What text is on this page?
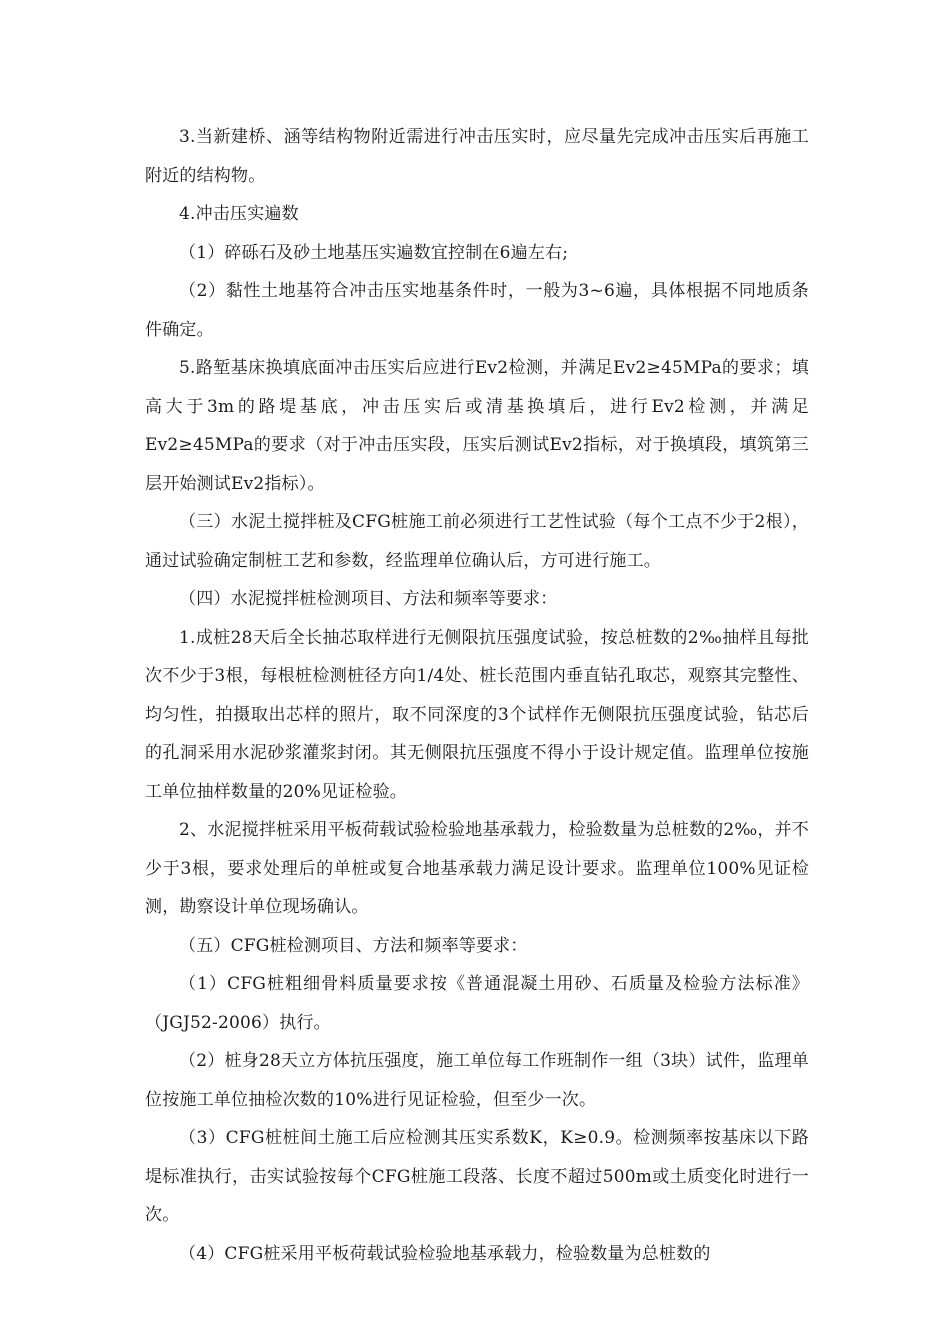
3.当新建桥、涵等结构物附近需进行冲击压实时，应尽量先完成冲击压实后再施工附近的结构物。

4.冲击压实遍数

（1）碎砾石及砂土地基压实遍数宜控制在6遍左右;

（2）黏性土地基符合冲击压实地基条件时，一般为3~6遍，具体根据不同地质条件确定。

5.路堑基床换填底面冲击压实后应进行Ev2检测，并满足Ev2≥45MPa的要求；填高大于3m的路堤基底，冲击压实后或清基换填后，进行Ev2检测，并满足Ev2≥45MPa的要求（对于冲击压实段，压实后测试Ev2指标，对于换填段，填筑第三层开始测试Ev2指标）。

（三）水泥土搅拌桩及CFG桩施工前必须进行工艺性试验（每个工点不少于2根），通过试验确定制桩工艺和参数，经监理单位确认后，方可进行施工。

（四）水泥搅拌桩检测项目、方法和频率等要求：

1.成桩28天后全长抽芯取样进行无侧限抗压强度试验，按总桩数的2‰抽样且每批次不少于3根，每根桩检测桩径方向1/4处、桩长范围内垂直钻孔取芯，观察其完整性、均匀性，拍摄取出芯样的照片，取不同深度的3个试样作无侧限抗压强度试验，钻芯后的孔洞采用水泥砂浆灌浆封闭。其无侧限抗压强度不得小于设计规定值。监理单位按施工单位抽样数量的20%见证检验。

2、水泥搅拌桩采用平板荷载试验检验地基承载力，检验数量为总桩数的2‰，并不少于3根，要求处理后的单桩或复合地基承载力满足设计要求。监理单位100%见证检测，勘察设计单位现场确认。

（五）CFG桩检测项目、方法和频率等要求：

（1）CFG桩粗细骨料质量要求按《普通混凝土用砂、石质量及检验方法标准》（JGJ52-2006）执行。

（2）桩身28天立方体抗压强度，施工单位每工作班制作一组（3块）试件，监理单位按施工单位抽检次数的10%进行见证检验，但至少一次。

（3）CFG桩桩间土施工后应检测其压实系数K，K≥0.9。检测频率按基床以下路堤标准执行，击实试验按每个CFG桩施工段落、长度不超过500m或土质变化时进行一次。

（4）CFG桩采用平板荷载试验检验地基承载力，检验数量为总桩数的
